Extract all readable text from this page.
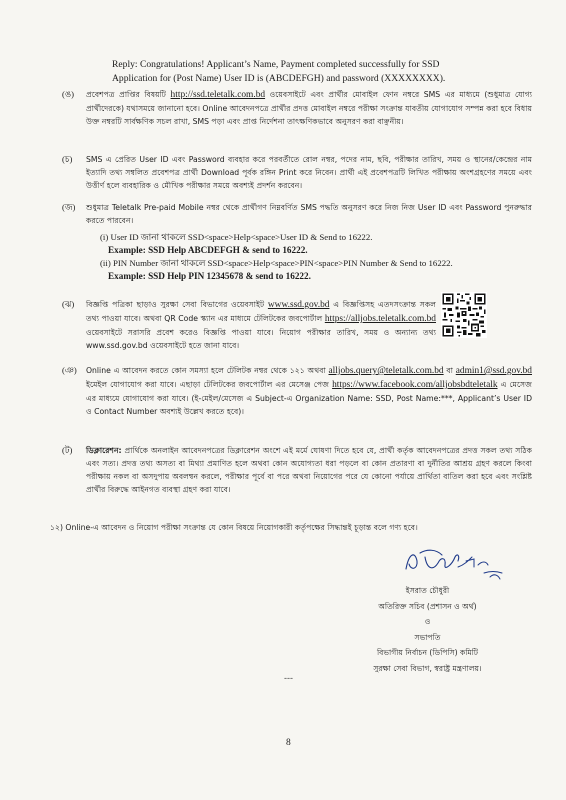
Reply: Congratulations! Applicant’s Name, Payment completed successfully for SSD
Application for (Post Name) User ID is (ABCDEFGH) and password (XXXXXXXX).
(ঙ)	প্রবেশপত্র প্রাপ্তির বিষয়টি http://ssd.teletalk.com.bd ওয়েবসাইটে এবং প্রার্থীর মোবাইল ফোন নম্বরে SMS এর মাধ্যমে (শুধুমাত্র যোগ্য প্রার্থীদেরকে) যথাসময়ে জানানো হবে। Online আবেদনপত্রে প্রার্থীর প্রদত্ত মোবাইল নম্বরে পরীক্ষা সংক্রান্ত যাবতীয় যোগাযোগ সম্পন্ন করা হবে বিধায় উক্ত নম্বরটি সার্বক্ষণিক সচল রাখা, SMS পড়া এবং প্রাপ্ত নির্দেশনা তাৎক্ষণিকভাবে অনুসরণ করা বাঞ্ছনীয়।
(চ)	SMS এ প্রেরিত User ID এবং Password ব্যবহার করে পরবর্তীতে রোল নম্বর, পদের নাম, ছবি, পরীক্ষার তারিখ, সময় ও স্থানের/কেন্দ্রের নাম ইত্যাদি তথ্য সম্বলিত প্রবেশপত্র প্রার্থী Download পূর্বক রঙ্গিন Print করে নিবেন। প্রার্থী এই প্রবেশপত্রটি লিখিত পরীক্ষায় অংশগ্রহণের সময়ে এবং উত্তীর্ণ হলে ব্যবহারিক ও মৌখিক পরীক্ষার সময়ে অবশ্যই প্রদর্শন করবেন।
(জ)	শুধুমাত্র Teletalk Pre-paid Mobile নম্বর থেকে প্রার্থীগণ নিম্নবর্ণিত SMS পদ্ধতি অনুসরণ করে নিজ নিজ User ID এবং Password পুনরুদ্ধার করতে পারবেন।
(i) User ID জানা থাকলে SSD<space>Help<space>User ID & Send to 16222.
Example: SSD Help ABCDEFGH & send to 16222.
(ii) PIN Number জানা থাকলে SSD<space>Help<space>PIN<space>PIN Number & Send to 16222.
Example: SSD Help PIN 12345678 & send to 16222.
(ঝ)	বিজ্ঞপ্তি পত্রিকা ছাড়াও সুরক্ষা সেবা বিভাগের ওয়েবসাইট www.ssd.gov.bd এ বিজ্ঞপ্তিসহ এতদসংক্রান্ত সকল তথ্য পাওয়া যাবে। অথবা QR Code স্ক্যান এর মাধ্যমে টেলিটকের জবপোর্টাল https://alljobs.teletalk.com.bd ওয়েবসাইটে সরাসরি প্রবেশ করেও বিজ্ঞপ্তি পাওয়া যাবে। নিয়োগ পরীক্ষার তারিখ, সময় ও অন্যান্য তথ্য www.ssd.gov.bd ওয়েবসাইটে হতে জানা যাবে।
(ঞ)	Online এ আবেদন করতে কোন সমস্যা হলে টেলিটক নম্বর থেকে ১২১ অথবা alljobs.query@teletalk.com.bd বা admin1@ssd.gov.bd ইমেইল যোগাযোগ করা যাবে। এছাড়া টেলিটকের জবপোর্টাল এর মেসেঞ্জ পেজ https://www.facebook.com/alljobsbdteletalk এ মেসেজ এর মাধ্যমে যোগাযোগ করা যাবে। (ই-মেইল/মেসেজ এ Subject-এ Organization Name: SSD, Post Name:***, Applicant’s User ID ও Contact Number অবশ্যই উল্লেখ করতে হবে)।
(ট)	ডিক্লারেশন: প্রার্থিকে অনলাইন আবেদনপত্রের ডিক্লারেশন অংশে এই মর্মে ঘোষণা দিতে হবে যে, প্রার্থী কর্তৃক আবেদনপত্রের প্রদত্ত সকল তথ্য সঠিক এবং সত্য। প্রদত্ত তথ্য অসত্য বা মিথ্যা প্রমাণিত হলে অথবা কোন অযোগ্যতা ধরা পড়লে বা কোন প্রতারণা বা দুর্নীতির আশ্রয় গ্রহণ করলে কিংবা পরীক্ষায় নকল বা অসদুপায় অবলম্বন করলে, পরীক্ষার পূর্বে বা পরে অথবা নিয়োগের পরে যে কোনো পর্যায়ে প্রার্থিতা বাতিল করা হবে এবং সংশ্লিষ্ট প্রার্থীর বিরুদ্ধে আইনগত ব্যবস্থা গ্রহণ করা যাবে।
১২) Online-এ আবেদন ও নিয়োগ পরীক্ষা সংক্রান্ত যে কোন বিষয়ে নিয়োগকারী কর্তৃপক্ষের সিদ্ধান্তই চূড়ান্ত বলে গণ্য হবে।
ইসরাত চৌধুরী
অতিরিক্ত সচিব (প্রশাসন ও অর্থ)
ও
সভাপতি
বিভাগীয় নির্বাচন (ডিপিসি) কমিটি
সুরক্ষা সেবা বিভাগ, স্বরাষ্ট্র মন্ত্রণালয়।
---
8
